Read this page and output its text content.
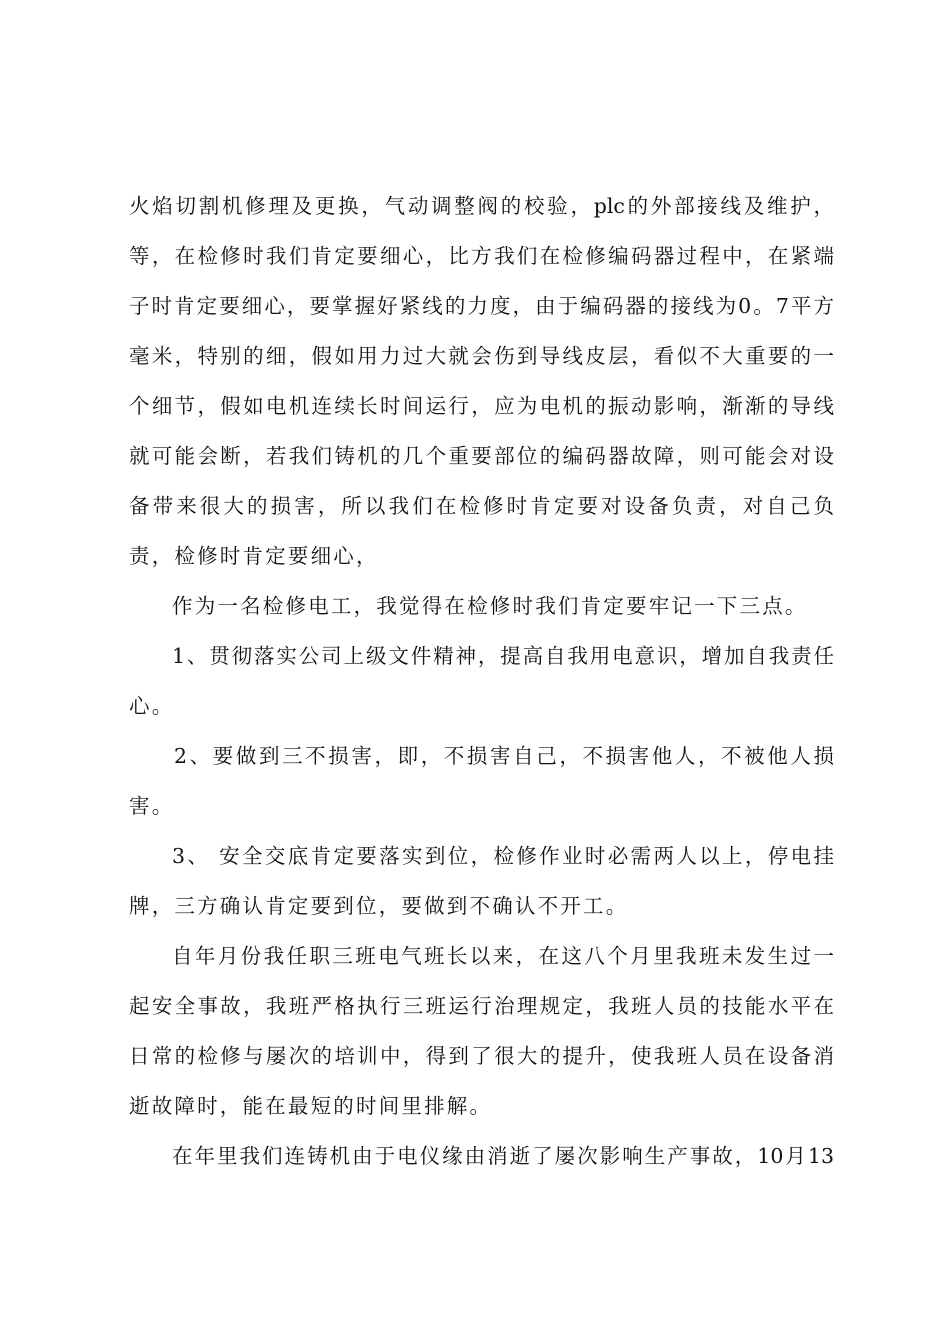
火焰切割机修理及更换，气动调整阀的校验，plc的外部接线及维护，
等，在检修时我们肯定要细心，比方我们在检修编码器过程中，在紧端
子时肯定要细心，要掌握好紧线的力度，由于编码器的接线为0。7平方
毫米，特别的细，假如用力过大就会伤到导线皮层，看似不大重要的一
个细节，假如电机连续长时间运行，应为电机的振动影响，渐渐的导线
就可能会断，若我们铸机的几个重要部位的编码器故障，则可能会对设
备带来很大的损害，所以我们在检修时肯定要对设备负责，对自己负
责，检修时肯定要细心，
作为一名检修电工，我觉得在检修时我们肯定要牢记一下三点。
1、贯彻落实公司上级文件精神，提高自我用电意识，增加自我责任
心。
2、要做到三不损害，即，不损害自己，不损害他人，不被他人损
害。
3、 安全交底肯定要落实到位，检修作业时必需两人以上，停电挂
牌，三方确认肯定要到位，要做到不确认不开工。
自年月份我任职三班电气班长以来，在这八个月里我班未发生过一
起安全事故，我班严格执行三班运行治理规定，我班人员的技能水平在
日常的检修与屡次的培训中，得到了很大的提升，使我班人员在设备消
逝故障时，能在最短的时间里排解。
在年里我们连铸机由于电仪缘由消逝了屡次影响生产事故，10月13
